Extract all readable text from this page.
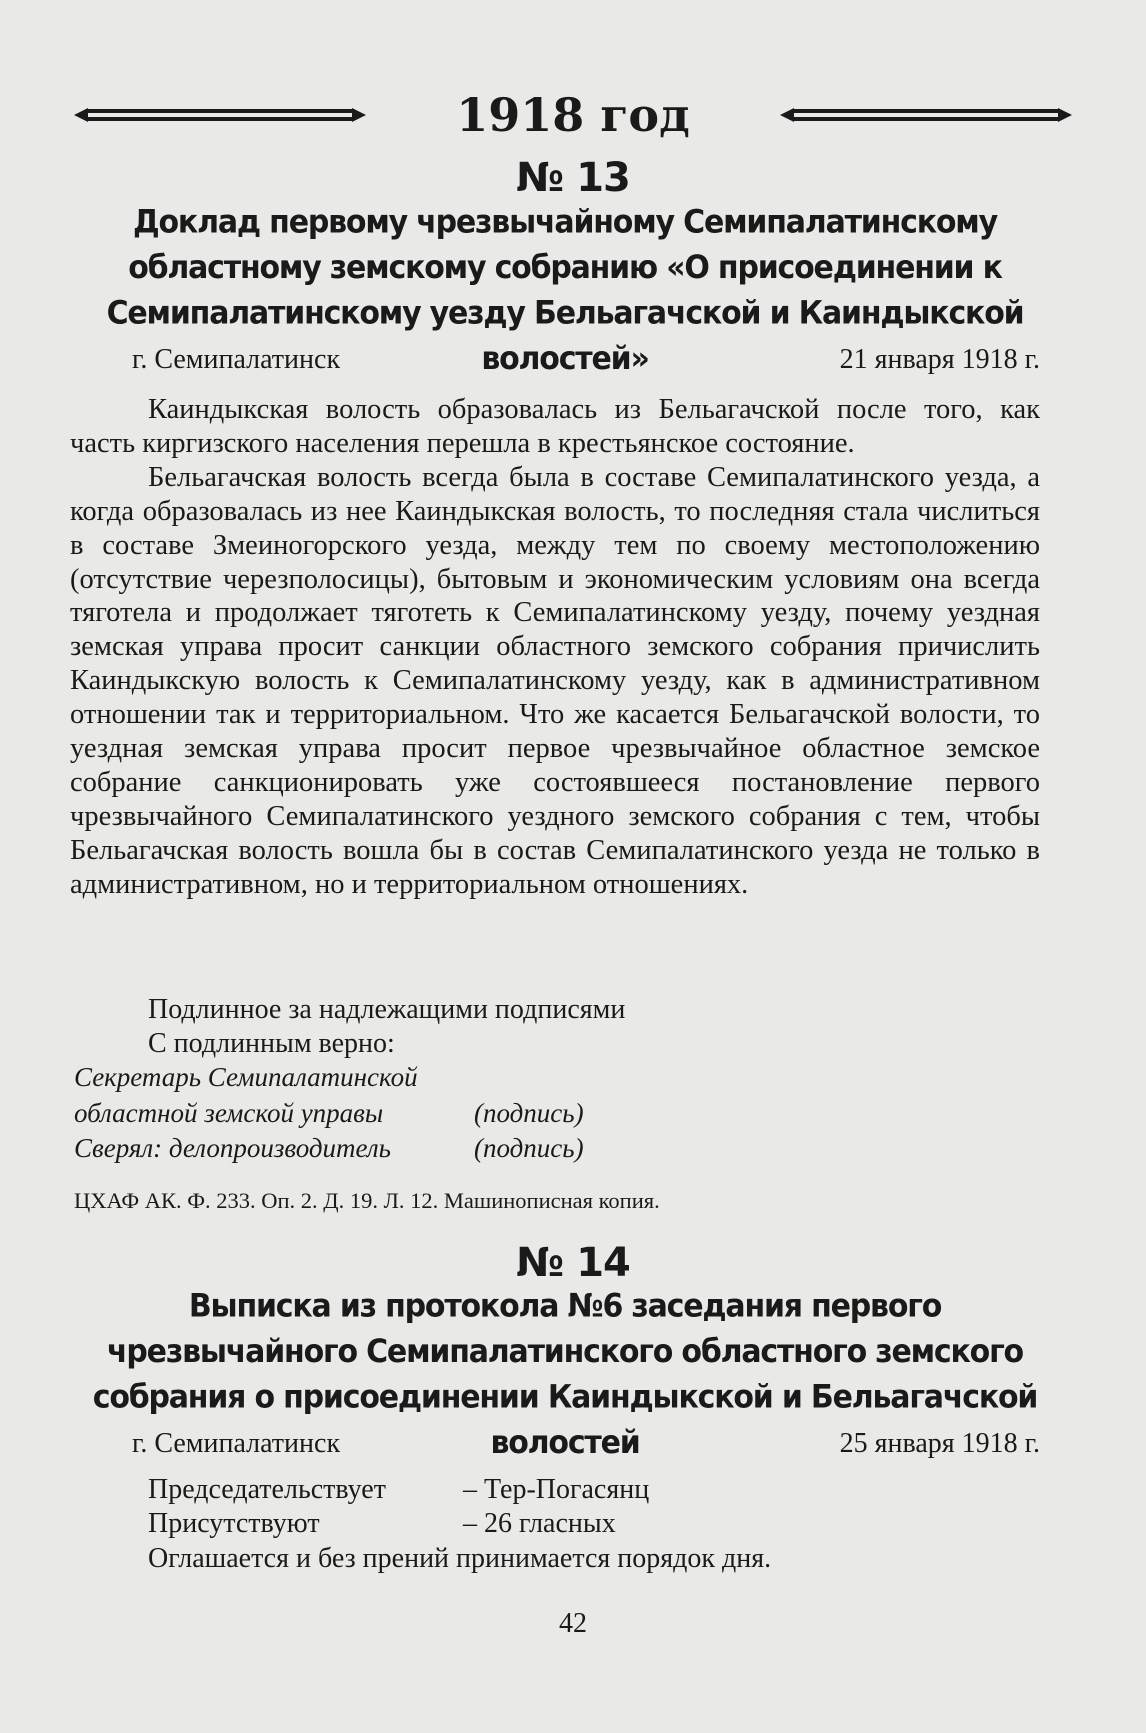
1918 год
№ 13
Доклад первому чрезвычайному Семипалатинскому областному земскому собранию «О присоединении к Семипалатинскому уезду Бельагачской и Каиндыкской волостей»
г. Семипалатинск	21 января 1918 г.

Каиндыкская волость образовалась из Бельагачской после того, как часть киргизского населения перешла в крестьянское состояние.

Бельагачская волость всегда была в составе Семипалатинского уезда, а когда образовалась из нее Каиндыкская волость, то последняя стала числиться в составе Змеиногорского уезда, между тем по своему местоположению (отсутствие черезполосицы), бытовым и экономическим условиям она всегда тяготела и продолжает тяготеть к Семипалатинскому уезду, почему уездная земская управа просит санкции областного земского собрания причислить Каиндыкскую волость к Семипалатинскому уезду, как в административном отношении так и территориальном. Что же касается Бельагачской волости, то уездная земская управа просит первое чрезвычайное областное земское собрание санкционировать уже состоявшееся постановление первого чрезвычайного Семипалатинского уездного земского собрания с тем, чтобы Бельагачская волость вошла бы в состав Семипалатинского уезда не только в административном, но и территориальном отношениях.

Подлинное за надлежащими подписями
С подлинным верно:
Секретарь Семипалатинской
областной земской управы	(подпись)
Сверял: делопроизводитель	(подпись)
ЦХАФ АК. Ф. 233. Оп. 2. Д. 19. Л. 12. Машинописная копия.
№ 14
Выписка из протокола №6 заседания первого чрезвычайного Семипалатинского областного земского собрания о присоединении Каиндыкской и Бельагачской волостей
г. Семипалатинск	25 января 1918 г.
Председательствует	– Тер-Погасянц
Присутствуют	– 26 гласных
Оглашается и без прений принимается порядок дня.
42
